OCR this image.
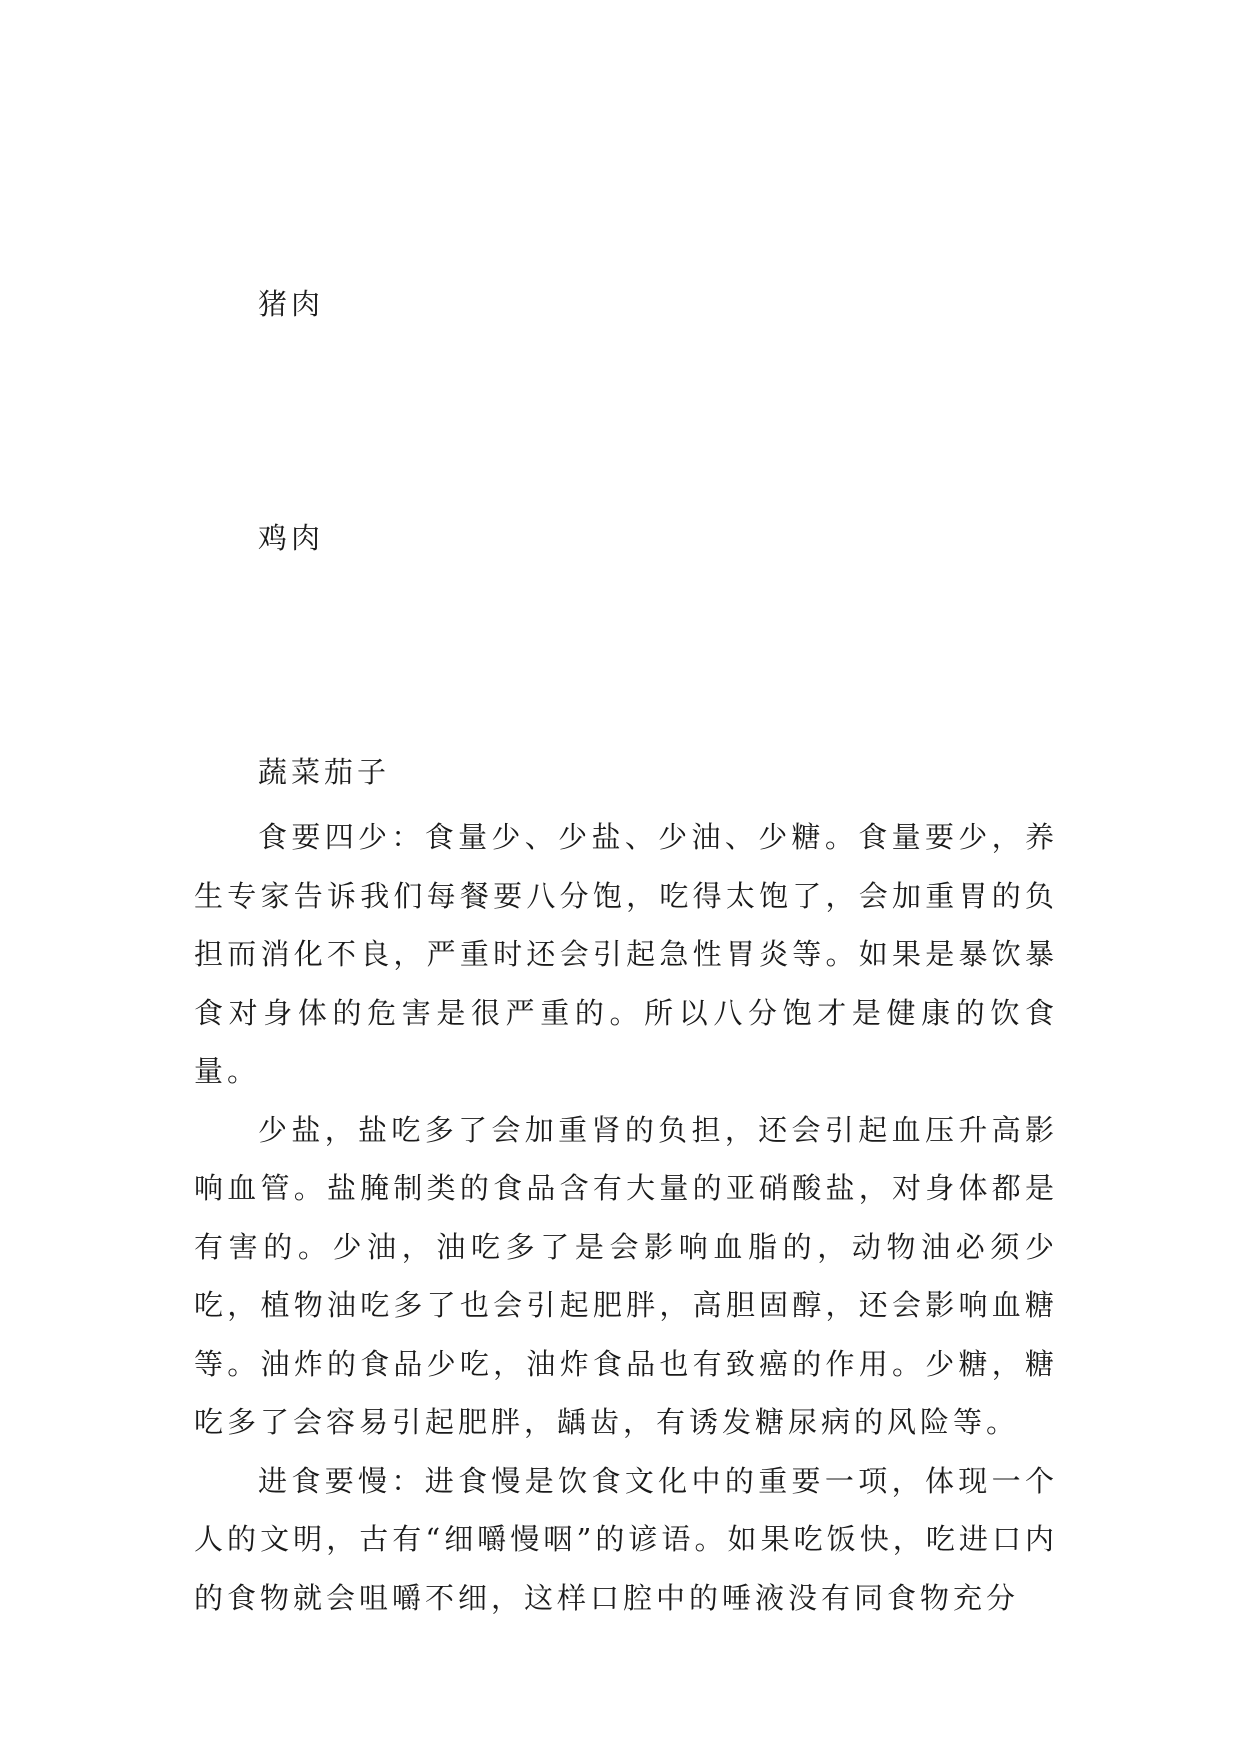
猪肉
鸡肉
蔬菜茄子

食要四少：食量少、少盐、少油、少糖。食量要少，养生专家告诉我们每餐要八分饱，吃得太饱了，会加重胃的负担而消化不良，严重时还会引起急性胃炎等。如果是暴饮暴食对身体的危害是很严重的。所以八分饱才是健康的饮食量。

少盐，盐吃多了会加重肾的负担，还会引起血压升高影响血管。盐腌制类的食品含有大量的亚硝酸盐，对身体都是有害的。少油，油吃多了是会影响血脂的，动物油必须少吃，植物油吃多了也会引起肥胖，高胆固醇，还会影响血糖等。油炸的食品少吃，油炸食品也有致癌的作用。少糖，糖吃多了会容易引起肥胖，龋齿，有诱发糖尿病的风险等。

进食要慢：进食慢是饮食文化中的重要一项，体现一个人的文明，古有“细嚼慢咽”的谚语。如果吃饭快，吃进口内的食物就会咀嚼不细，这样口腔中的唾液没有同食物充分
